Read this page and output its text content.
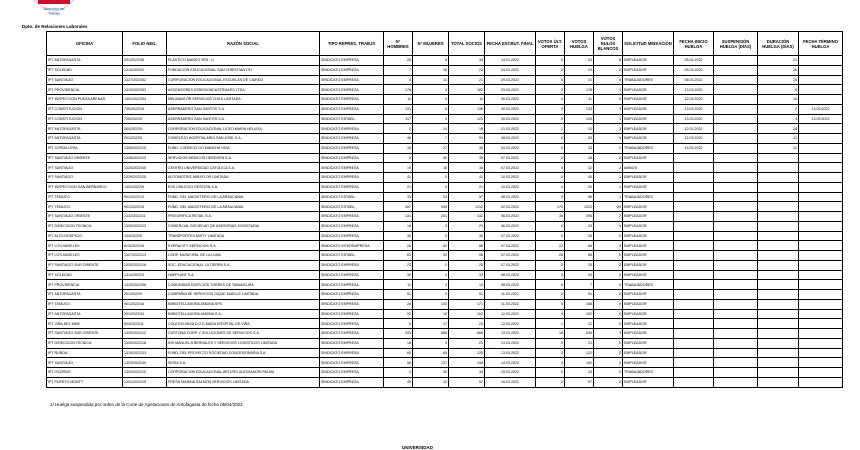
Dirección del
Trabajo
Dpto. de Relaciones Laborales
OFICINA	FOLIO NEG.	RAZÓN SOCIAL	TIPO REPRES. TRABJS	N° HOMBRES	N° MUJERES	TOTAL SOCIOS	FECHA ESCRUT. FINAL	VOTOS ÚLT. OFERTA	VOTOS HUELGA	VOTOS NULOS BLANCOS	SOLICITUD MEDIACIÓN	FECHA INICIO HUELGA	SUSPENSIÓN HUELGA (DÍAS)	DURACIÓN HUELGA (DÍAS)	FECHA TÉRMINO HUELGA
IPT ANTOFAGASTA	201/2022/45	PLASTICO MANCO SPA - U	SINDICATO EMPRESA	26	8	34	14.01.2022	0	24	8	EMPLEADOR	25.04.2022		21	
IPT SOLEDAD	1314/2022/2	FUNDACION EDUCACIONAL SAN CHRISTIAN ITH	SINDICATO EMPRESA	7	16	23	24.03.2022	0	23	0	EMPLEADOR	05.03.2022		16	
IPT SANTIAGO	1327/2022/52	CORPORACION EDUCACIONAL ESCUELAS DE CIARDO	SINDICATO EMPRESA	4	14	21	29.03.2022	0	21	0	TRABAJADORES	06.03.2022		15	
IPT PROVIDENCIA	1313/2022/53	ASCENSORES ESSION INDUSTRIALES LTDA	SINDICATO EMPRESA	178	4	182	29.03.2022	3	178	1	EMPLEADOR	13.03.2022		6	
IPT INSPECCION PUNTA ARENAS	1301/2022/54	MELIBANTOR SERVICIOS CHILE LIMITADA	SINDICATO EMPRESA	11	0	11	30.03.2022	0	11	0	EMPLEADOR	12.03.2022		14	
IPT CONSTITUCION	705/2022/18	ASERRADERO SAN SANTOS S.A.	SINDICATO EMPRESA	131	5	136	30.03.2022	0	133	3	EMPLEADOR	13.03.2022		2	13.03.2022
IPT CONSTITUCION	705/2022/9	ASERRADERO SAN SANTOS S.A.	SINDICATO ESTABL.	117	4	121	30.03.2022	0	120	1	EMPLEADOR	13.03.2022		4	13.03.2022
IPT ANTOFAGASTA	304/2022/5	CORPORACION EDUCACIONAL LICEO MARIA HELUGA	SINDICATO EMPRESA	2	14	16	21.03.2022	1	12	3	EMPLEADOR	12.03.2022		18	
IPT ANTOFAGASTA	201/2022/5	COMPLEJO HOSPITALARIO SAN JOSE S.A.	SINDICATO EMPRESA	46	7	53	28.03.2022	0	53	0	EMPLEADOR	12.03.2022		12	
IPT CORDILLERA	1305/2022/15	FUND. CONSEJO DO MANCHA VIDA	SINDICATO EMPRESA	18	27	35	04.03.2022	0	33	2	TRABAJADORES	15.03.2022		12	
IPT SANTIAGO ORIENTE	1326/2022/13	SERVICIOS MEDICOS HERDGEN S.A.	SINDICATO EMPRESA	5	30	35	07.03.2022	0	35	0	EMPLEADOR				
IPT SANTIAGO	1323/2022/45	CENTRO UNIVERSIDAD CATOLICA S.A.	SINDICATO EMPRESA	19	16	35	07.03.2022	0	32	3	AMBOS				
IPT SANTIAGO	1329/2022/25	AUTOMOTRIZ MIRAFLOR LIMITADA	SINDICATO EMPRESA	41	0	41	10.03.2022	0	40	1	EMPLEADOR				
IPT INSPECCION SAN BERNARDO	1302/2022/9	ESS CHILECIO GESTION S.A.	SINDICATO EMPRESA	21	0	21	10.03.2022	0	20	1	EMPLEADOR				
IPT TEMUCO	901/2022/13	FUND. DEL MAGISTERIO DE LA ARAUCANIA	SINDICATO ESTABL.	33	24	57	08.03.2022	0	56	1	TRABAJADORES				
IPT TEMUCO	901/2022/15	FUND. DEL MAGISTERIO DE LA ARAUCANIA	SINDICATO ESTABL.	267	945	1212	02.03.2022	170	1022	20	EMPLEADOR				
IPT SANTIAGO ORIENTE	1332/2022/11	FRIGORIFICA RETAIL S.A.	SINDICATO EMPRESA	131	201	432	06.03.2022	35	395	2	EMPLEADOR				
IPT DIRECCION TECNICA	1330/2022/23	COMERCIAL SOCIEDAD DE ASESORIAS SOCIETARIA	SINDICATO EMPRESA	18	5	23	06.03.2022	0	23	0	EMPLEADOR				
IPT ALTO HOSPICIO	104/2022/5	TRANSPORTES MISTY LIMITADA	SINDICATO EMPRESA	35	0	35	07.03.2022	0	35	0	EMPLEADOR				
IPT LOS ANGELES	813/2022/16	EXPRACITY SERVICIOS S.A.	SINDICATO INTEREMPRESA	26	62	88	07.03.2022	22	66	0	EMPLEADOR				
IPT LOS ANGELES	1327/2022/13	CORP. MUNICIPAL DE LA LUNA	SINDICATO ESTABL.	63	33	96	07.03.2022	28	68	0	EMPLEADOR				
IPT SANTIAGO SUR ORIENTE	1333/2022/16	SOC. EDUCACIONAL LA TIERRA S.A.	SINDICATO EMPRESA	23	2	25	07.03.2022	0	25	0	EMPLEADOR				
IPT SOLEDAD	1314/2022/3	HAPPLANT S.A.	SINDICATO EMPRESA	30	3	33	08.03.2022	0	33	0	EMPLEADOR				
IPT PROVIDENCIA	1313/2022/56	COMUNIDAD EDIFICIOS TORRES DE TABANCURA	SINDICATO EMPRESA	11	2	13	08.03.2022	6	7	0	TRABAJADORES				
IPT ANTOFAGASTA	201/2022/9	COMPAÑIA DE SERVICIOS DIQUE MUELLE LIMITADA	SINDICATO EMPRESA	51	0	51	11.03.2022	0	51	0	EMPLEADOR				
IPT TEMUCO	901/2022/16	EMBOTELLADORA ANDINA SPA	SINDICATO EMPRESA	28	143	171	11.03.2022	5	166	0	EMPLEADOR				
IPT ANTOFAGASTA	201/2022/34	EMBOTELLADORA ANDINA S.A.	SINDICATO EMPRESA	92	10	102	12.03.2022	0	102	0	EMPLEADOR				
IPT VIÑA DEL MAR	504/2022/11	COLEGIO MISA D.O.E.MADA HOSPITAL DE VIÑA	SINDICATO EMPRESA	6	17	23	12.03.2022	1	22	0	EMPLEADOR				
IPT SANTIAGO SUR ORIENTE	1333/2022/12	CUSTOMA CORP. Y SOLUCIONES DE SERVICIOS S.A.	SINDICATO EMPRESA	333	666	666	13.03.2022	18	645	3	EMPLEADOR				
IPT DIRECCION TECNICA	1330/2022/18	INS MANUEL A BERNALES Y SERVICIOS LOGISTICOS LIMITADA	SINDICATO EMPRESA	18	3	21	13.03.2022	0	21	0	EMPLEADOR				
IPT ÑUÑOA	1315/2022/33	FUND. DEL PROYECTO SOCIEDAD CONCESIONARIA S.A.	SINDICATO EMPRESA	60	65	125	13.03.2022	3	122	0	EMPLEADOR				
IPT SANTIAGO	1323/2022/40	SISSA S.A.	SINDICATO EMPRESA	58	137	195	14.03.2022	3	192	0	EMPLEADOR				
IPT OSORNO	1303/2022/10	CORPORACION EDUCACIONAL ARTURO ALESSANDRI PALMA	SINDICATO EMPRESA	4	30	34	15.03.2022	0	34	0	TRABAJADORES				
IPT PUERTO MONTT	1301/2022/15	FRESH MARINA SALMON SERVICIOS LIMITADA	SINDICATO EMPRESA	45	12	57	15.03.2022	0	57	0	EMPLEADOR				
1/ Huelga suspendida por orden de la Corte de Apelaciones de Antofagasta de fecha 05/04/2022.
UNIVERSIDAD
